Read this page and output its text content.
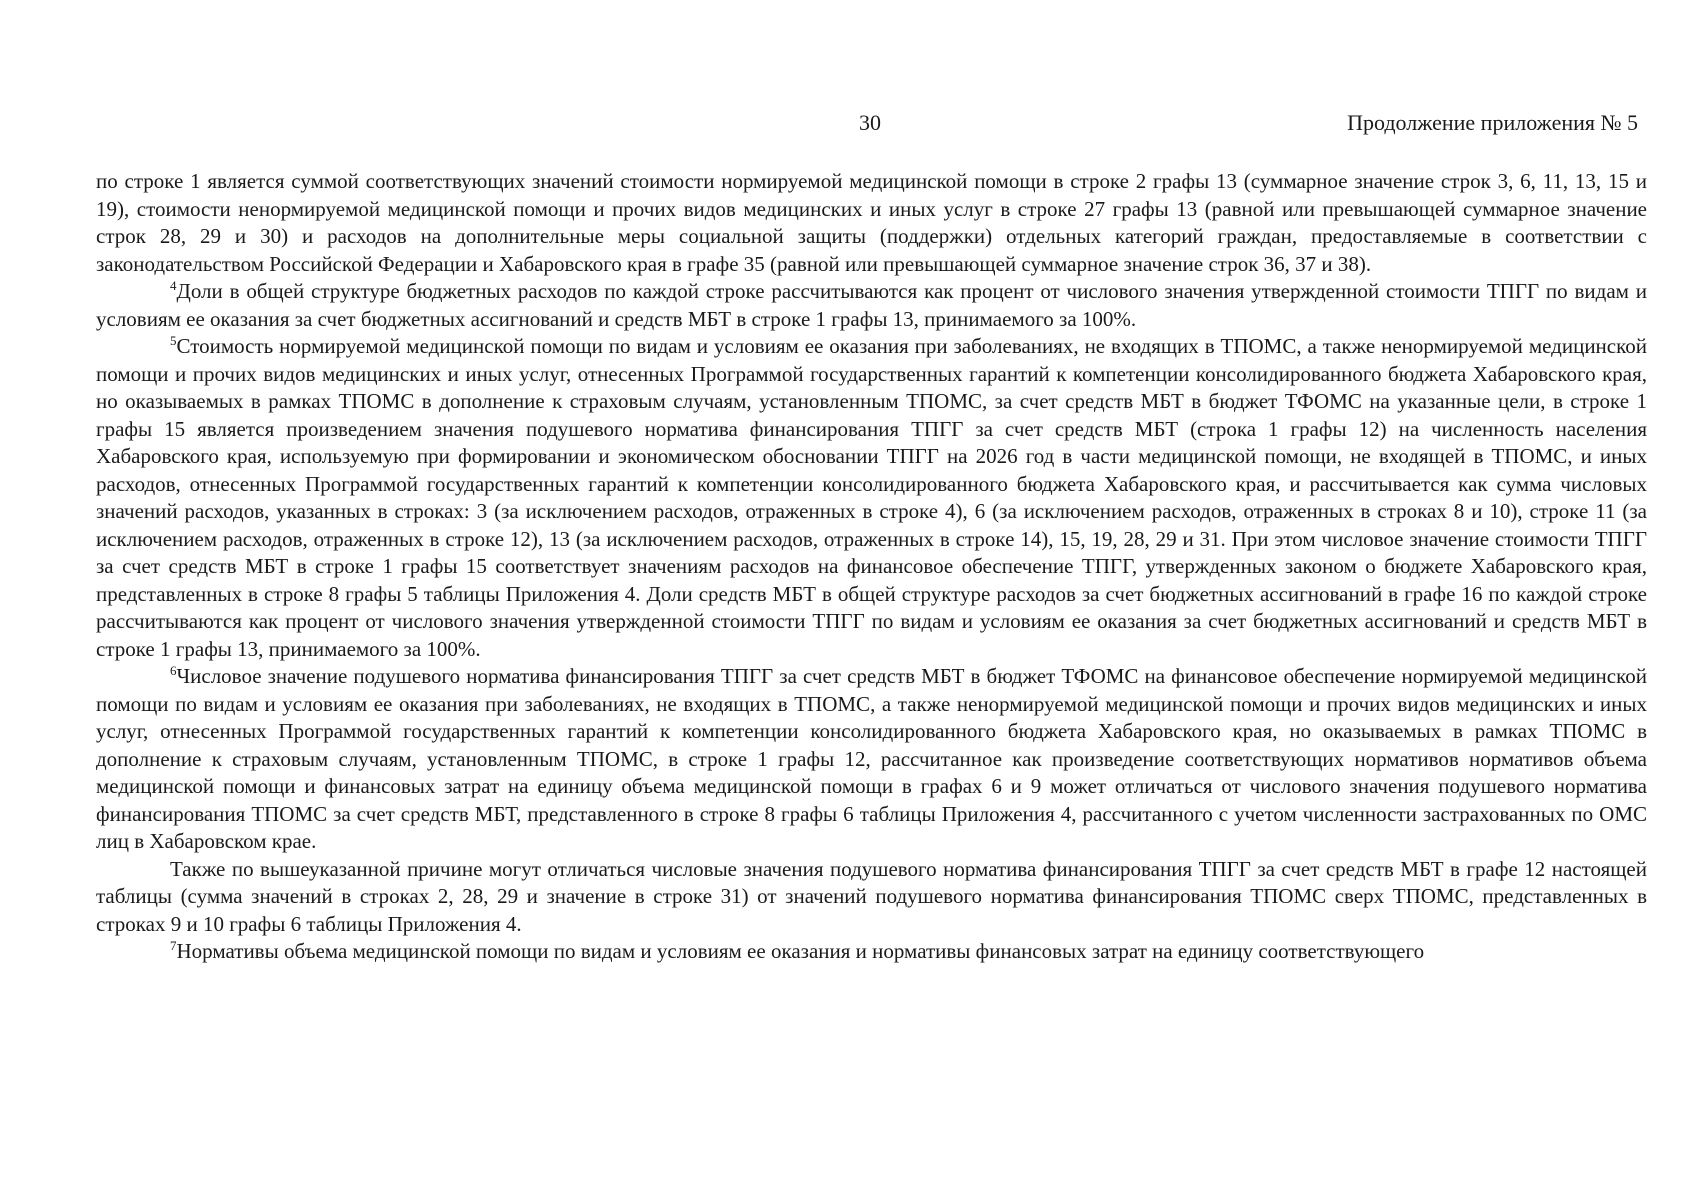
30	Продолжение приложения № 5

по строке 1 является суммой соответствующих значений стоимости нормируемой медицинской помощи в строке 2 графы 13 (суммарное значение строк 3, 6, 11, 13, 15 и 19), стоимости ненормируемой медицинской помощи и прочих видов медицинских и иных услуг в строке 27 графы 13 (равной или превышающей суммарное значение строк 28, 29 и 30) и расходов на дополнительные меры социальной защиты (поддержки) отдельных категорий граждан, предоставляемые в соответствии с законодательством Российской Федерации и Хабаровского края в графе 35 (равной или превышающей суммарное значение строк 36, 37 и 38).

$^4$Доли в общей структуре бюджетных расходов по каждой строке рассчитываются как процент от числового значения утвержденной стоимости ТПГГ по видам и условиям ее оказания за счет бюджетных ассигнований и средств МБТ в строке 1 графы 13, принимаемого за 100%.

$^5$Стоимость нормируемой медицинской помощи по видам и условиям ее оказания при заболеваниях, не входящих в ТПОМС, а также ненормируемой медицинской помощи и прочих видов медицинских и иных услуг, отнесенных Программой государственных гарантий к компетенции консолидированного бюджета Хабаровского края, но оказываемых в рамках ТПОМС в дополнение к страховым случаям, установленным ТПОМС, за счет средств МБТ в бюджет ТФОМС на указанные цели, в строке 1 графы 15 является произведением значения подушевого норматива финансирования ТПГГ за счет средств МБТ (строка 1 графы 12) на численность населения Хабаровского края, используемую при формировании и экономическом обосновании ТПГГ на 2026 год в части медицинской помощи, не входящей в ТПОМС, и иных расходов, отнесенных Программой государственных гарантий к компетенции консолидированного бюджета Хабаровского края, и рассчитывается как сумма числовых значений расходов, указанных в строках: 3 (за исключением расходов, отраженных в строке 4), 6 (за исключением расходов, отраженных в строках 8 и 10), строке 11 (за исключением расходов, отраженных в строке 12), 13 (за исключением расходов, отраженных в строке 14), 15, 19, 28, 29 и 31. При этом числовое значение стоимости ТПГГ за счет средств МБТ в строке 1 графы 15 соответствует значениям расходов на финансовое обеспечение ТПГГ, утвержденных законом о бюджете Хабаровского края, представленных в строке 8 графы 5 таблицы Приложения 4. Доли средств МБТ в общей структуре расходов за счет бюджетных ассигнований в графе 16 по каждой строке рассчитываются как процент от числового значения утвержденной стоимости ТПГГ по видам и условиям ее оказания за счет бюджетных ассигнований и средств МБТ в строке 1 графы 13, принимаемого за 100%.

$^6$Числовое значение подушевого норматива финансирования ТПГГ за счет средств МБТ в бюджет ТФОМС на финансовое обеспечение нормируемой медицинской помощи по видам и условиям ее оказания при заболеваниях, не входящих в ТПОМС, а также ненормируемой медицинской помощи и прочих видов медицинских и иных услуг, отнесенных Программой государственных гарантий к компетенции консолидированного бюджета Хабаровского края, но оказываемых в рамках ТПОМС в дополнение к страховым случаям, установленным ТПОМС, в строке 1 графы 12, рассчитанное как произведение соответствующих нормативов нормативов объема медицинской помощи и финансовых затрат на единицу объема медицинской помощи в графах 6 и 9 может отличаться от числового значения подушевого норматива финансирования ТПОМС за счет средств МБТ, представленного в строке 8 графы 6 таблицы Приложения 4, рассчитанного с учетом численности застрахованных по ОМС лиц в Хабаровском крае.

Также по вышеуказанной причине могут отличаться числовые значения подушевого норматива финансирования ТПГГ за счет средств МБТ в графе 12 настоящей таблицы (сумма значений в строках 2, 28, 29 и значение в строке 31) от значений подушевого норматива финансирования ТПОМС сверх ТПОМС, представленных в строках 9 и 10 графы 6 таблицы Приложения 4.

$^7$Нормативы объема медицинской помощи по видам и условиям ее оказания и нормативы финансовых затрат на единицу соответствующего
